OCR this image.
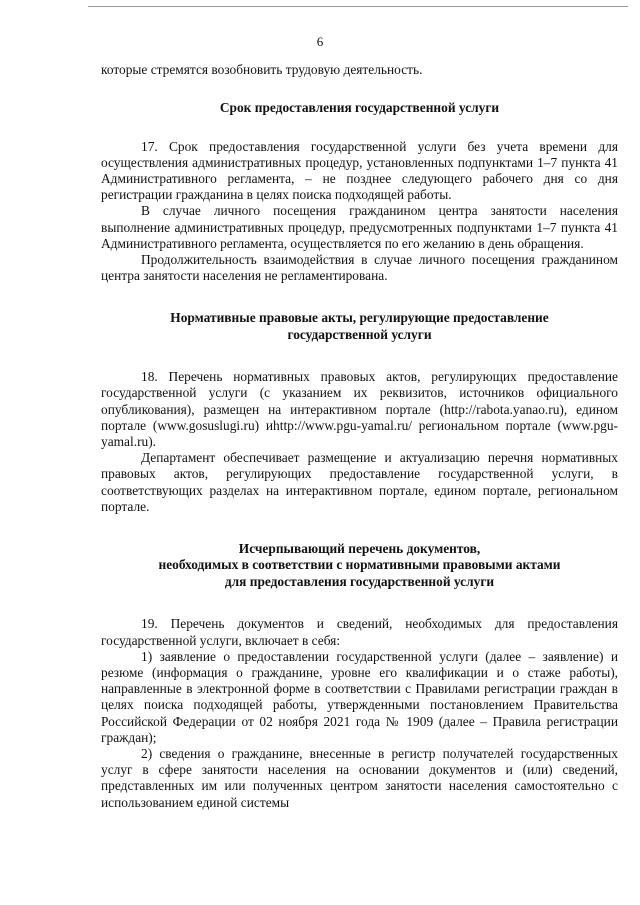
6

которые стремятся возобновить трудовую деятельность.

Срок предоставления государственной услуги

17. Срок предоставления государственной услуги без учета времени для осуществления административных процедур, установленных подпунктами 1–7 пункта 41 Административного регламента, – не позднее следующего рабочего дня со дня регистрации гражданина в целях поиска подходящей работы.

В случае личного посещения гражданином центра занятости населения выполнение административных процедур, предусмотренных подпунктами 1–7 пункта 41 Административного регламента, осуществляется по его желанию в день обращения.

Продолжительность взаимодействия в случае личного посещения гражданином центра занятости населения не регламентирована.

Нормативные правовые акты, регулирующие предоставление
государственной услуги

18. Перечень нормативных правовых актов, регулирующих предоставление государственной услуги (с указанием их реквизитов, источников официального опубликования), размещен на интерактивном портале (http://rabota.yanao.ru), едином портале (www.gosuslugi.ru) иhttp://www.pgu-yamal.ru/ региональном портале (www.pgu-yamal.ru).

Департамент обеспечивает размещение и актуализацию перечня нормативных правовых актов, регулирующих предоставление государственной услуги, в соответствующих разделах на интерактивном портале, едином портале, региональном портале.

Исчерпывающий перечень документов,
необходимых в соответствии с нормативными правовыми актами
для предоставления государственной услуги

19. Перечень документов и сведений, необходимых для предоставления государственной услуги, включает в себя:

1) заявление о предоставлении государственной услуги (далее – заявление) и резюме (информация о гражданине, уровне его квалификации и о стаже работы), направленные в электронной форме в соответствии с Правилами регистрации граждан в целях поиска подходящей работы, утвержденными постановлением Правительства Российской Федерации от 02 ноября 2021 года № 1909 (далее – Правила регистрации граждан);

2) сведения о гражданине, внесенные в регистр получателей государственных услуг в сфере занятости населения на основании документов и (или) сведений, представленных им или полученных центром занятости населения самостоятельно с использованием единой системы
